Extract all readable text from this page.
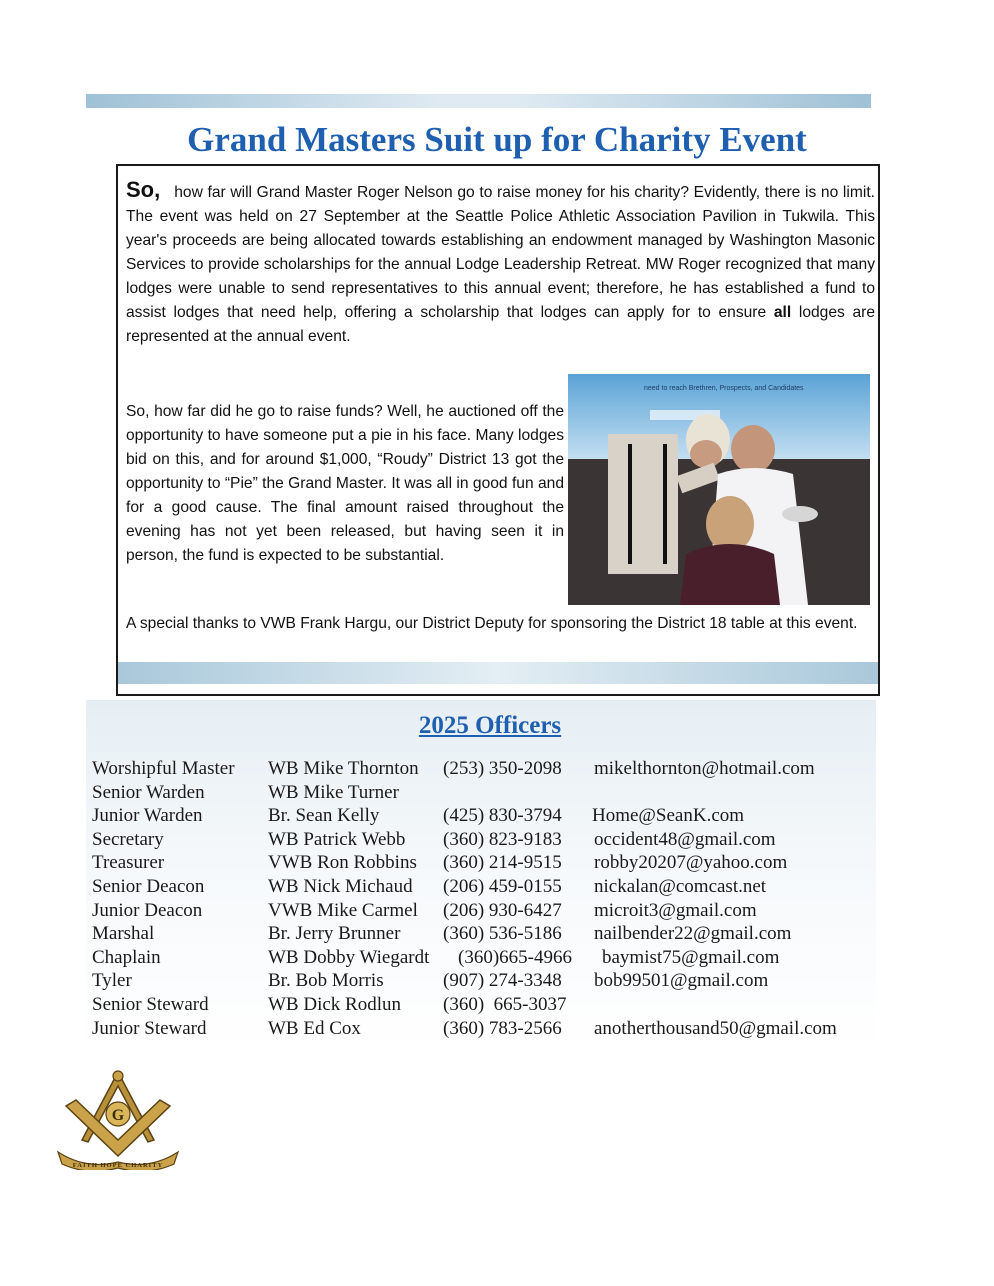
Grand Masters Suit up for Charity Event
So, how far will Grand Master Roger Nelson go to raise money for his charity? Evidently, there is no limit. The event was held on 27 September at the Seattle Police Athletic Association Pavilion in Tukwila. This year's proceeds are being allocated towards establishing an endowment managed by Washington Masonic Services to provide scholarships for the annual Lodge Leadership Retreat. MW Roger recognized that many lodges were unable to send representatives to this annual event; therefore, he has established a fund to assist lodges that need help, offering a scholarship that lodges can apply for to ensure all lodges are represented at the annual event.
need to reach Brethren, Prospects, and Candidates
So, how far did he go to raise funds? Well, he auctioned off the opportunity to have someone put a pie in his face. Many lodges bid on this, and for around $1,000, “Roudy” District 13 got the opportunity to “Pie” the Grand Master. It was all in good fun and for a good cause. The final amount raised throughout the evening has not yet been released, but having seen it in person, the fund is expected to be substantial.
A special thanks to VWB Frank Hargu, our District Deputy for sponsoring the District 18 table at this event.
2025 Officers
Worshipful Master WB Mike Thornton (253) 350-2098 mikelthornton@hotmail.com
Senior Warden	WB Mike Turner
Junior Warden	Br. Sean Kelly	(425) 830-3794 Home@SeanK.com
Secretary	WB Patrick Webb (360) 823-9183 occident48@gmail.com
Treasurer	VWB Ron Robbins (360) 214-9515 robby20207@yahoo.com
Senior Deacon	WB Nick Michaud (206) 459-0155 nickalan@comcast.net
Junior Deacon	VWB Mike Carmel (206) 930-6427 microit3@gmail.com
Marshal	Br. Jerry Brunner (360) 536-5186 nailbender22@gmail.com
Chaplain	WB Dobby Wiegardt (360)665-4966 baymist75@gmail.com
Tyler	Br. Bob Morris	(907) 274-3348 bob99501@gmail.com
Senior Steward	WB Dick Rodlun (360)  665-3037
Junior Steward	WB Ed Cox	(360) 783-2566 anotherthousand50@gmail.com
G
FAITH HOPE CHARITY
